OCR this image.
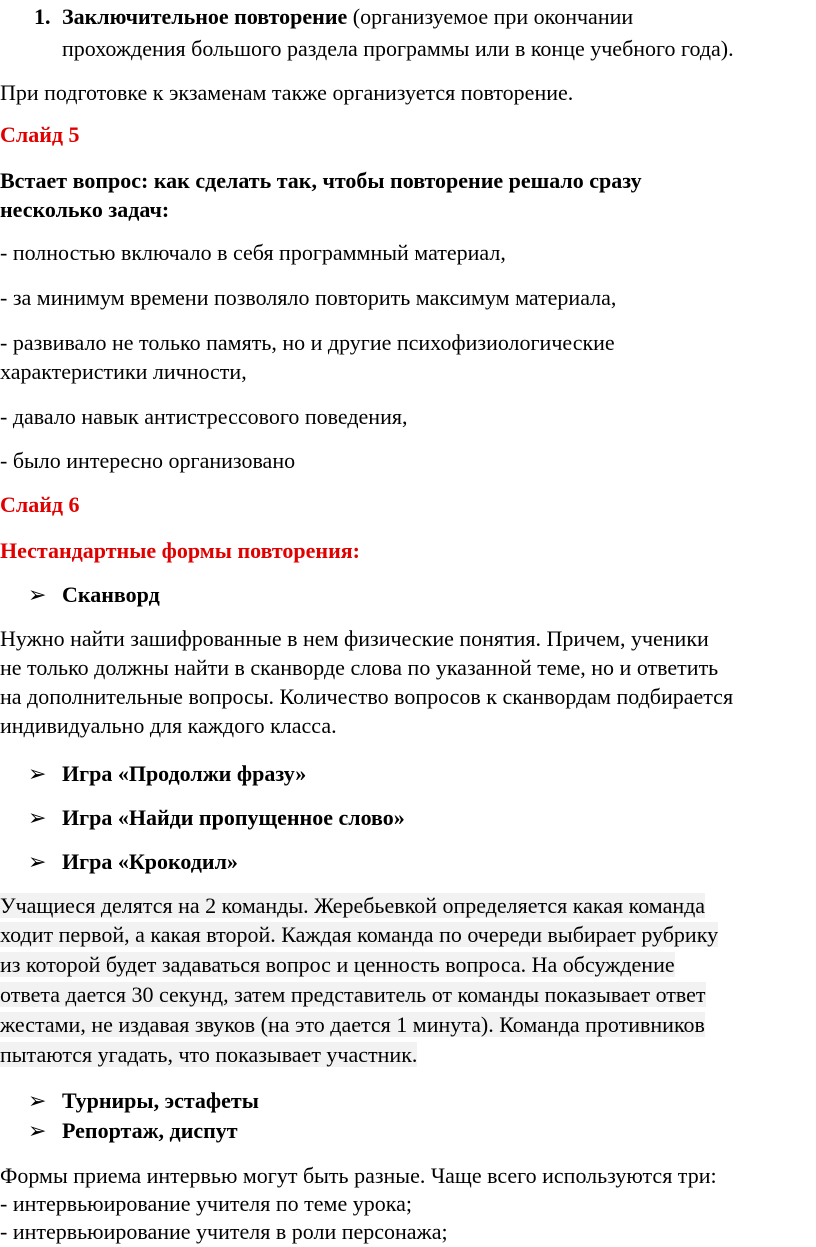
1. Заключительное повторение (организуемое при окончании
прохождения большого раздела программы или в конце учебного года).

При подготовке к экзаменам также организуется повторение.

Слайд 5

Встает вопрос: как сделать так, чтобы повторение решало сразу

несколько задач:

- полностью включало в себя программный материал,

- за минимум времени позволяло повторить максимум материала,

- развивало не только память, но и другие психофизиологические

характеристики личности,

- давало навык антистрессового поведения,

- было интересно организовано

Слайд 6

Нестандартные формы повторения:

➢ Сканворд

Нужно найти зашифрованные в нем физические понятия. Причем, ученики

не только должны найти в сканворде слова по указанной теме, но и ответить

на дополнительные вопросы. Количество вопросов к сканвордам подбирается

индивидуально для каждого класса.

➢ Игра «Продолжи фразу»
➢ Игра «Найди пропущенное слово»
➢ Игра «Крокодил»

Учащиеся делятся на 2 команды. Жеребьевкой определяется какая команда

ходит первой, а какая второй. Каждая команда по очереди выбирает рубрику

из которой будет задаваться вопрос и ценность вопроса. На обсуждение

ответа дается 30 секунд, затем представитель от команды показывает ответ

жестами, не издавая звуков (на это дается 1 минута). Команда противников

пытаются угадать, что показывает участник.

➢ Турниры, эстафеты
➢ Репортаж, диспут

Формы приема интервью могут быть разные. Чаще всего используются три:

- интервьюирование учителя по теме урока;

- интервьюирование учителя в роли персонажа;
